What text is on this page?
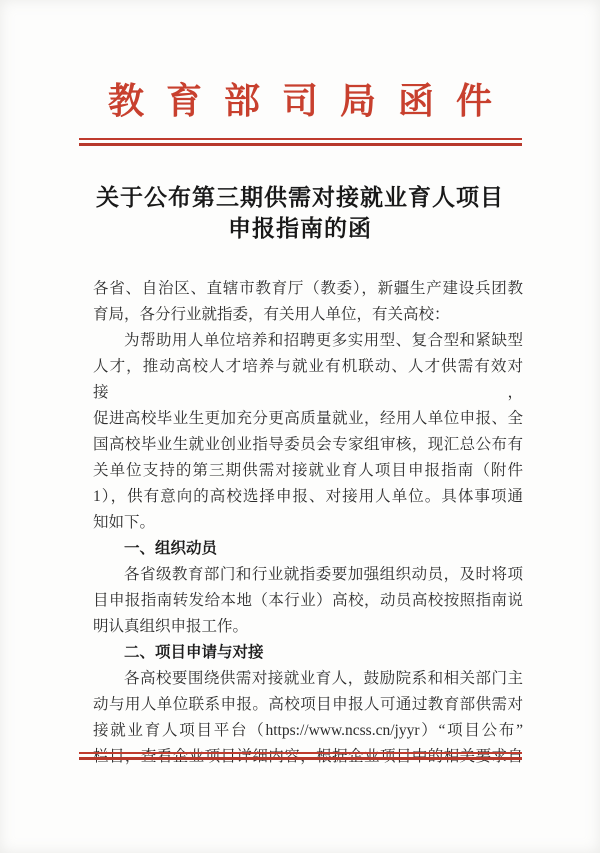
教育部司局函件
关于公布第三期供需对接就业育人项目
申报指南的函
各省、自治区、直辖市教育厅（教委），新疆生产建设兵团教
育局，各分行业就指委，有关用人单位，有关高校：
为帮助用人单位培养和招聘更多实用型、复合型和紧缺型
人才，推动高校人才培养与就业有机联动、人才供需有效对接，
促进高校毕业生更加充分更高质量就业，经用人单位申报、全
国高校毕业生就业创业指导委员会专家组审核，现汇总公布有
关单位支持的第三期供需对接就业育人项目申报指南（附件
1），供有意向的高校选择申报、对接用人单位。具体事项通
知如下。
一、组织动员
各省级教育部门和行业就指委要加强组织动员，及时将项
目申报指南转发给本地（本行业）高校，动员高校按照指南说
明认真组织申报工作。
二、项目申请与对接
各高校要围绕供需对接就业育人，鼓励院系和相关部门主
动与用人单位联系申报。高校项目申报人可通过教育部供需对
接就业育人项目平台（https://www.ncss.cn/jyyr）“项目公布”
栏目，查看企业项目详细内容，根据企业项目中的相关要求自
